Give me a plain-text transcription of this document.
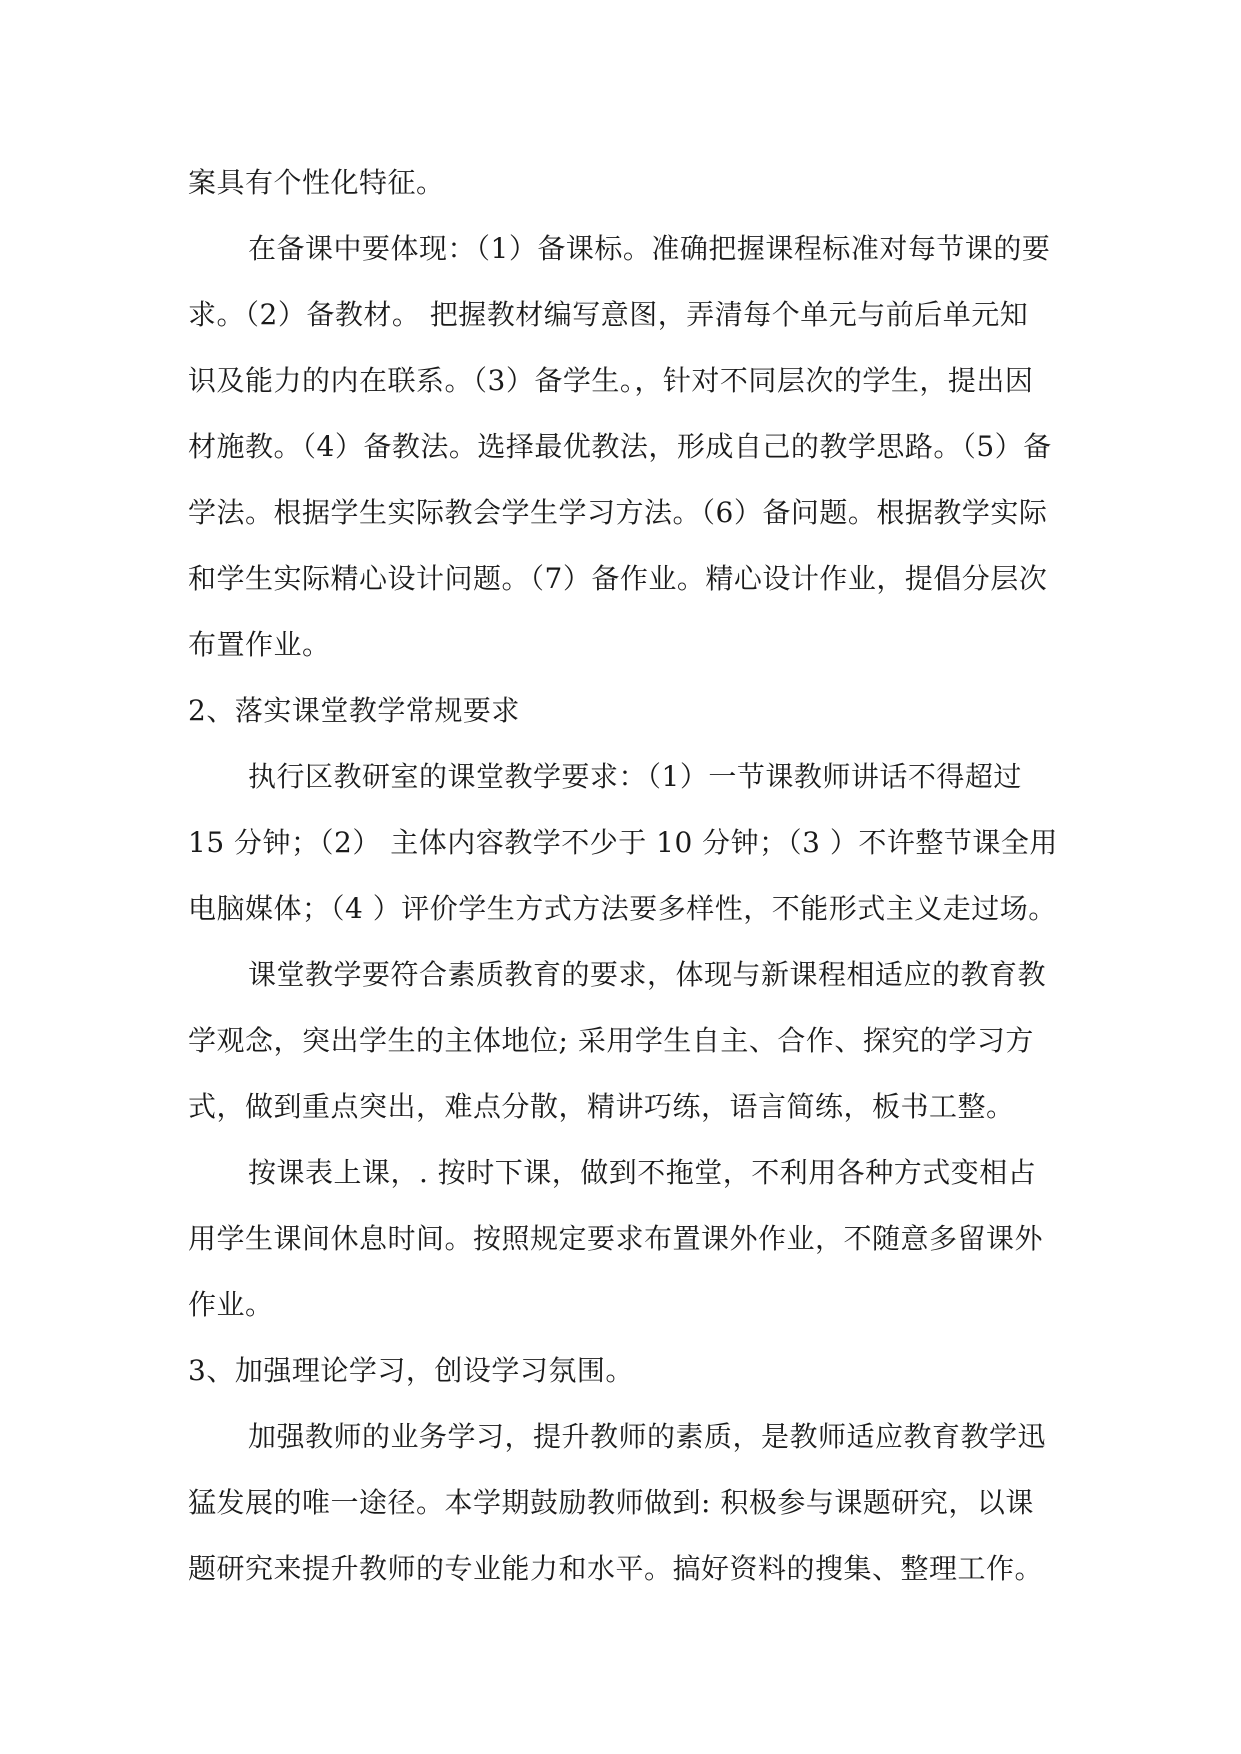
案具有个性化特征。
在备课中要体现：（1）备课标。准确把握课程标准对每节课的要
求。（2）备教材。 把握教材编写意图，弄清每个单元与前后单元知
识及能力的内在联系。（3）备学生。，针对不同层次的学生，提出因
材施教。（4）备教法。选择最优教法，形成自己的教学思路。（5）备
学法。根据学生实际教会学生学习方法。（6）备问题。根据教学实际
和学生实际精心设计问题。（7）备作业。精心设计作业，提倡分层次
布置作业。
2、落实课堂教学常规要求
执行区教研室的课堂教学要求：（1）一节课教师讲话不得超过
15 分钟；（2） 主体内容教学不少于 10 分钟；（3 ）不许整节课全用
电脑媒体；（4 ）评价学生方式方法要多样性，不能形式主义走过场。
课堂教学要符合素质教育的要求，体现与新课程相适应的教育教
学观念，突出学生的主体地位; 采用学生自主、合作、探究的学习方
式，做到重点突出，难点分散，精讲巧练，语言简练，板书工整。
按课表上课，. 按时下课，做到不拖堂，不利用各种方式变相占
用学生课间休息时间。按照规定要求布置课外作业，不随意多留课外
作业。
3、加强理论学习，创设学习氛围。
加强教师的业务学习，提升教师的素质，是教师适应教育教学迅
猛发展的唯一途径。本学期鼓励教师做到: 积极参与课题研究，以课
题研究来提升教师的专业能力和水平。搞好资料的搜集、整理工作。
